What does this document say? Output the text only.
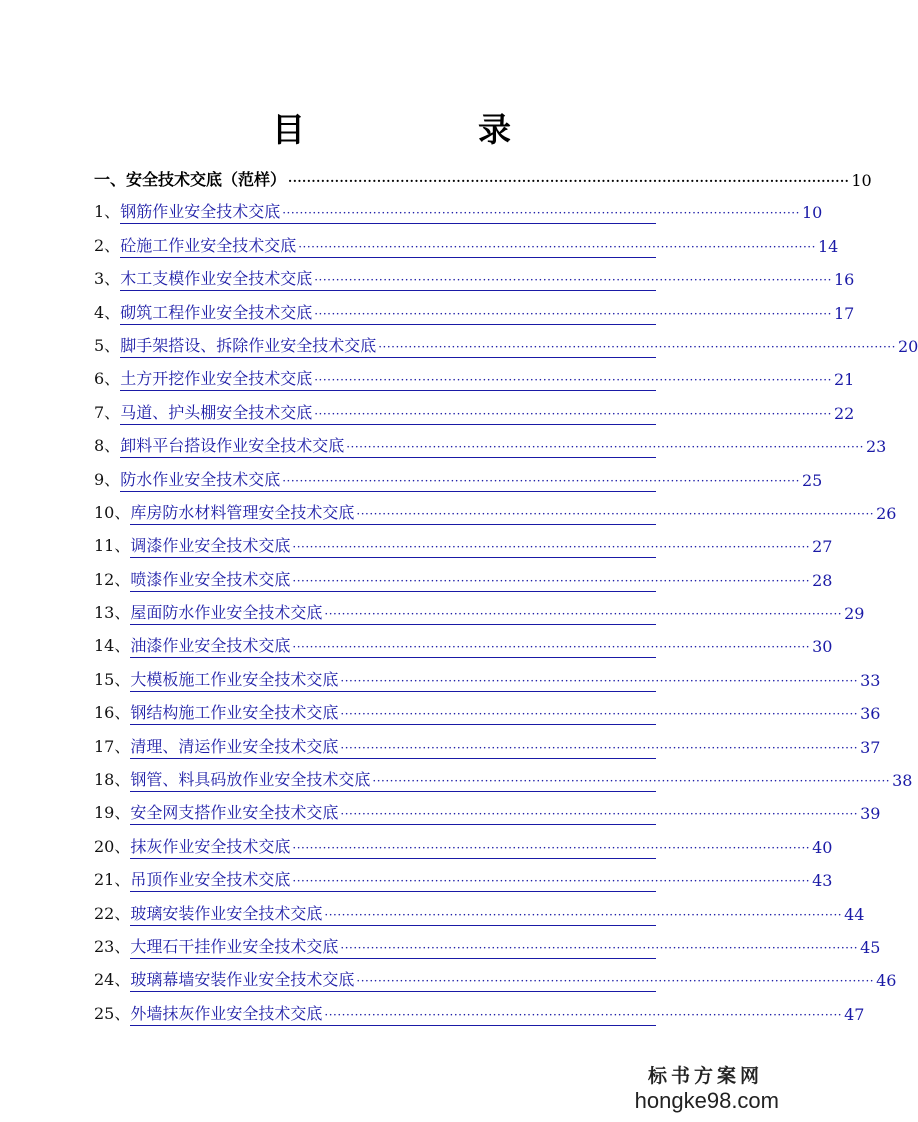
目　录
一、安全技术交底（范样） ························································································································ 10
1、 钢筋作业安全技术交底 ························································································································ 10
2、 砼施工作业安全技术交底 ························································································································ 14
3、 木工支模作业安全技术交底 ························································································································ 16
4、 砌筑工程作业安全技术交底 ························································································································ 17
5、 脚手架搭设、拆除作业安全技术交底 ························································································································ 20
6、 土方开挖作业安全技术交底 ························································································································ 21
7、 马道、护头棚安全技术交底 ························································································································ 22
8、 卸料平台搭设作业安全技术交底 ························································································································ 23
9、 防水作业安全技术交底 ························································································································ 25
10、 库房防水材料管理安全技术交底 ························································································································ 26
11、 调漆作业安全技术交底 ························································································································ 27
12、 喷漆作业安全技术交底 ························································································································ 28
13、 屋面防水作业安全技术交底 ························································································································ 29
14、 油漆作业安全技术交底 ························································································································ 30
15、 大模板施工作业安全技术交底 ························································································································ 33
16、 钢结构施工作业安全技术交底 ························································································································ 36
17、 清理、清运作业安全技术交底 ························································································································ 37
18、 钢管、料具码放作业安全技术交底 ························································································································ 38
19、 安全网支搭作业安全技术交底 ························································································································ 39
20、 抹灰作业安全技术交底 ························································································································ 40
21、 吊顶作业安全技术交底 ························································································································ 43
22、 玻璃安装作业安全技术交底 ························································································································ 44
23、 大理石干挂作业安全技术交底 ························································································································ 45
24、 玻璃幕墙安装作业安全技术交底 ························································································································ 46
25、 外墙抹灰作业安全技术交底 ························································································································ 47
标书方案网
hongke98.com
